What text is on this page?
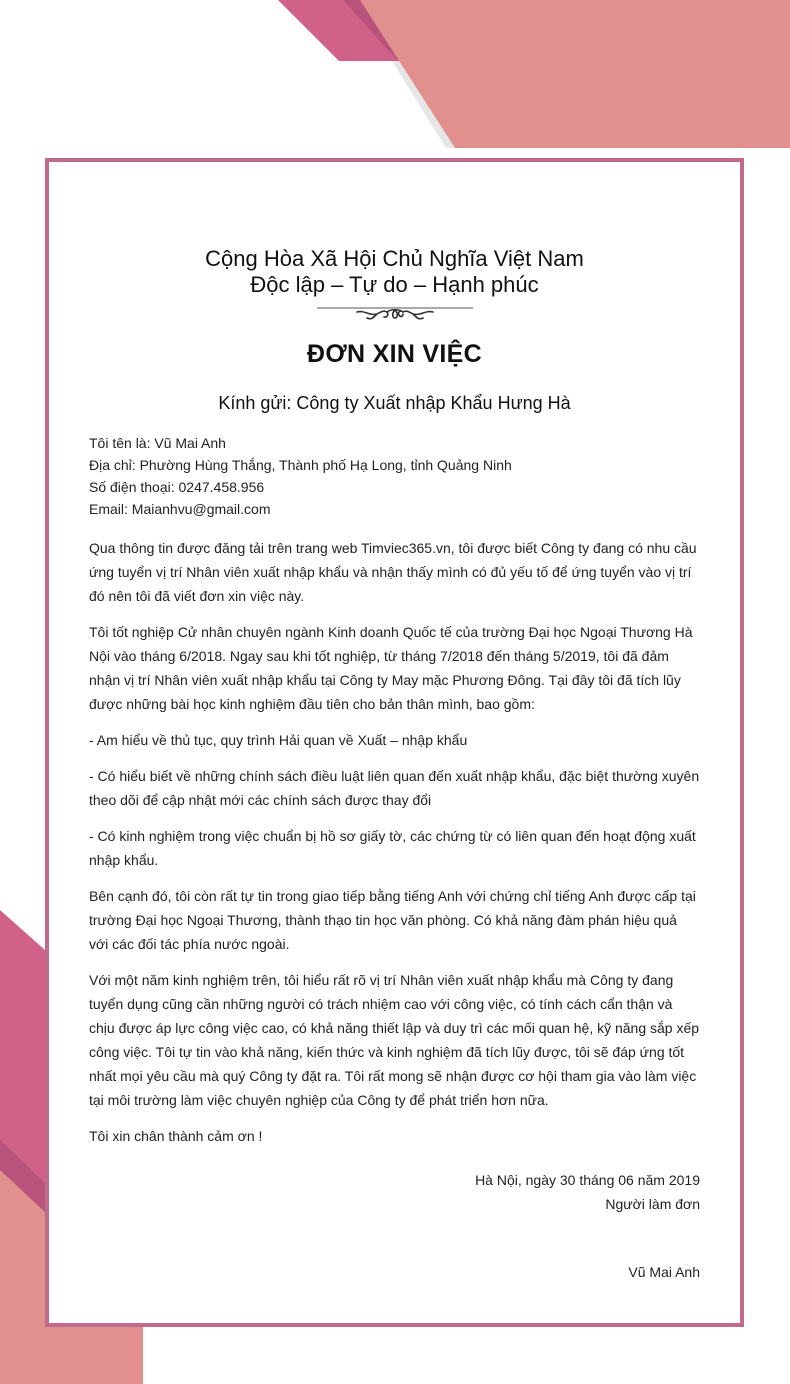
Cộng Hòa Xã Hội Chủ Nghĩa Việt Nam
Độc lập – Tự do – Hạnh phúc
ĐƠN XIN VIỆC
Kính gửi: Công ty Xuất nhập Khẩu Hưng Hà
Tôi tên là: Vũ Mai Anh
Địa chỉ: Phường Hùng Thắng, Thành phố Hạ Long, tỉnh Quảng Ninh
Số điện thoại: 0247.458.956
Email: Maianhvu@gmail.com
Qua thông tin được đăng tải trên trang web Timviec365.vn, tôi được biết Công ty đang có nhu cầu ứng tuyển vị trí Nhân viên xuất nhập khẩu và nhận thấy mình có đủ yếu tố để ứng tuyển vào vị trí đó nên tôi đã viết đơn xin việc này.
Tôi tốt nghiệp Cử nhân chuyên ngành Kinh doanh Quốc tế của trường Đại học Ngoại Thương Hà Nội vào tháng 6/2018. Ngay sau khi tốt nghiệp, từ tháng 7/2018 đến tháng 5/2019, tôi đã đảm nhận vị trí Nhân viên xuất nhập khẩu tại Công ty May mặc Phương Đông. Tại đây tôi đã tích lũy được những bài học kinh nghiệm đầu tiên cho bản thân mình, bao gồm:
- Am hiểu về thủ tục, quy trình Hải quan về Xuất – nhập khẩu
- Có hiểu biết về những chính sách điều luật liên quan đến xuất nhập khẩu, đặc biệt thường xuyên theo dõi để cập nhật mới các chính sách được thay đổi
- Có kinh nghiệm trong việc chuẩn bị hồ sơ giấy tờ, các chứng từ có liên quan đến hoạt động xuất nhập khẩu.
Bên cạnh đó, tôi còn rất tự tin trong giao tiếp bằng tiếng Anh với chứng chỉ tiếng Anh được cấp tại trường Đại học Ngoại Thương, thành thạo tin học văn phòng. Có khả năng đàm phán hiệu quả với các đối tác phía nước ngoài.
Với một năm kinh nghiệm trên, tôi hiểu rất rõ vị trí Nhân viên xuất nhập khẩu mà Công ty đang tuyển dụng cũng cần những người có trách nhiệm cao với công việc, có tính cách cẩn thận và chịu được áp lực công việc cao, có khả năng thiết lập và duy trì các mối quan hệ, kỹ năng sắp xếp công việc. Tôi tự tin vào khả năng, kiến thức và kinh nghiệm đã tích lũy được, tôi sẽ đáp ứng tốt nhất mọi yêu cầu mà quý Công ty đặt ra. Tôi rất mong sẽ nhận được cơ hội tham gia vào làm việc tại môi trường làm việc chuyên nghiệp của Công ty để phát triển hơn nữa.
Tôi xin chân thành cảm ơn !
Hà Nội, ngày 30 tháng 06 năm 2019
Người làm đơn
Vũ Mai Anh
